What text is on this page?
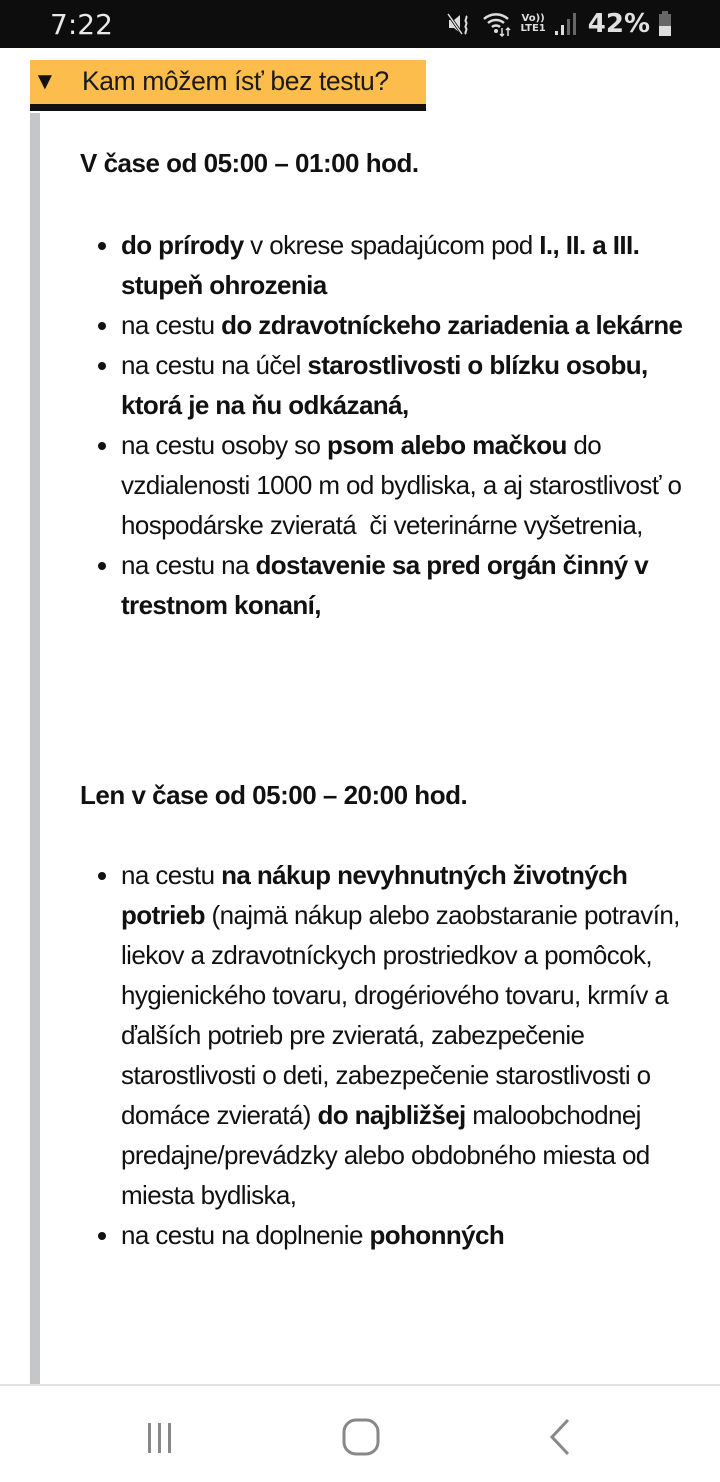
7:22	Vo))
LTE1 42%
▼ Kam môžem ísť bez testu?
V čase od 05:00 – 01:00 hod.
do prírody v okrese spadajúcom pod I., II. a III. stupeň ohrozenia
na cestu do zdravotníckeho zariadenia a lekárne
na cestu na účel starostlivosti o blízku osobu, ktorá je na ňu odkázaná,
na cestu osoby so psom alebo mačkou do vzdialenosti 1000 m od bydliska, a aj starostlivosť o hospodárske zvieratá  či veterinárne vyšetrenia,
na cestu na dostavenie sa pred orgán činný v trestnom konaní,
Len v čase od 05:00 – 20:00 hod.
na cestu na nákup nevyhnutných životných potrieb (najmä nákup alebo zaobstaranie potravín, liekov a zdravotníckych prostriedkov a pomôcok, hygienického tovaru, drogériového tovaru, krmív a ďalších potrieb pre zvieratá, zabezpečenie starostlivosti o deti, zabezpečenie starostlivosti o domáce zvieratá) do najbližšej maloobchodnej predajne/prevádzky alebo obdobného miesta od miesta bydliska,
na cestu na doplnenie pohonných
